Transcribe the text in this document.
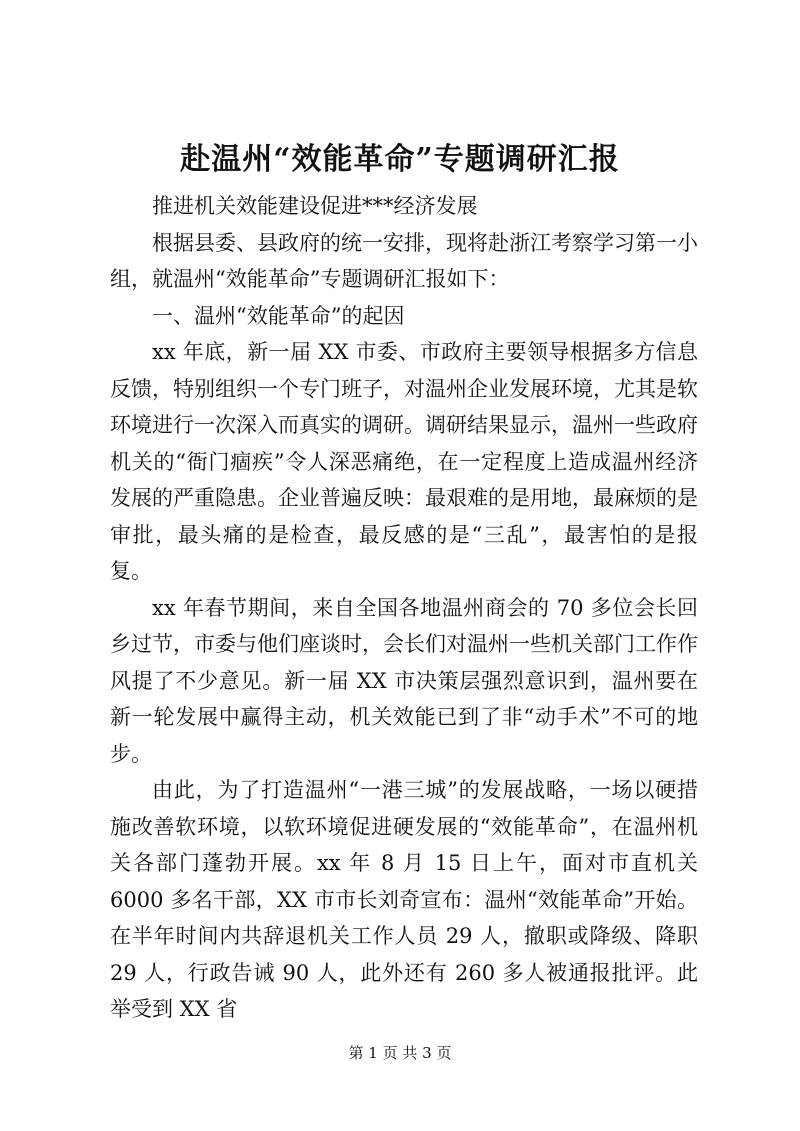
赴温州“效能革命”专题调研汇报

推进机关效能建设促进***经济发展

根据县委、县政府的统一安排，现将赴浙江考察学习第一小组，就温州“效能革命”专题调研汇报如下：

一、温州“效能革命”的起因

xx 年底，新一届 XX 市委、市政府主要领导根据多方信息反馈，特别组织一个专门班子，对温州企业发展环境，尤其是软环境进行一次深入而真实的调研。调研结果显示，温州一些政府机关的“衙门痼疾”令人深恶痛绝，在一定程度上造成温州经济发展的严重隐患。企业普遍反映：最艰难的是用地，最麻烦的是审批，最头痛的是检查，最反感的是“三乱”，最害怕的是报复。

xx 年春节期间，来自全国各地温州商会的 70 多位会长回乡过节，市委与他们座谈时，会长们对温州一些机关部门工作作风提了不少意见。新一届 XX 市决策层强烈意识到，温州要在新一轮发展中赢得主动，机关效能已到了非“动手术”不可的地步。

由此，为了打造温州“一港三城”的发展战略，一场以硬措施改善软环境，以软环境促进硬发展的“效能革命”，在温州机关各部门蓬勃开展。xx 年 8 月 15 日上午，面对市直机关 6000 多名干部，XX 市市长刘奇宣布：温州“效能革命”开始。在半年时间内共辞退机关工作人员 29 人，撤职或降级、降职 29 人，行政告诫 90 人，此外还有 260 多人被通报批评。此举受到 XX 省

第 1 页 共 3 页
